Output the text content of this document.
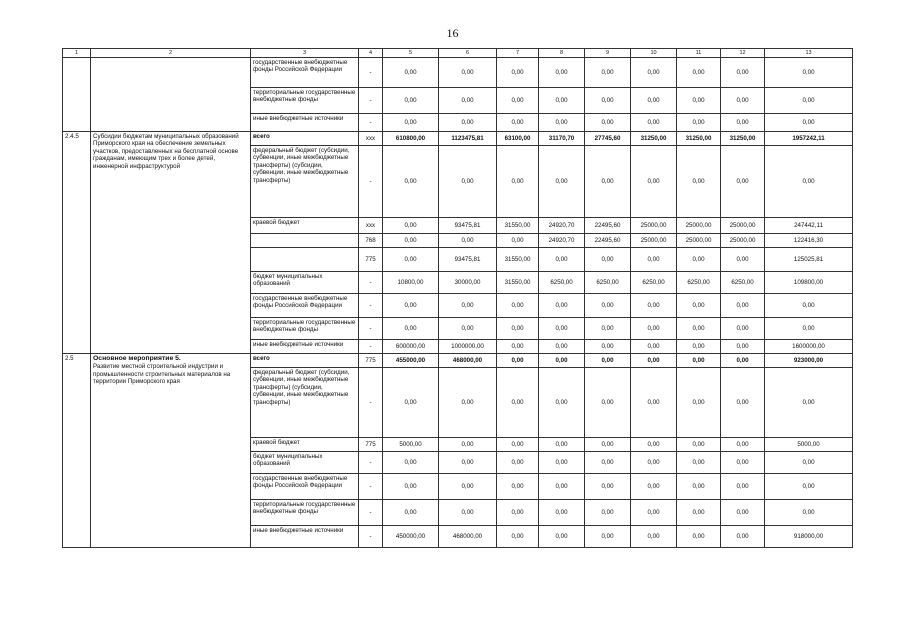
16
1	2	3	4	5	6	7	8	9	10	11	12	13
		государственные внебюджетные фонды Российской Федерации	-	0,00	0,00	0,00	0,00	0,00	0,00	0,00	0,00	0,00
		территориальные государственные внебюджетные фонды	-	0,00	0,00	0,00	0,00	0,00	0,00	0,00	0,00	0,00
		иные внебюджетные источники	-	0,00	0,00	0,00	0,00	0,00	0,00	0,00	0,00	0,00
2.4.5	Субсидии бюджетам муниципальных образований Приморского края на обеспечение земельных участков, предоставленных на бесплатной основе гражданам, имеющим трех и более детей, инженерной инфраструктурой	всего	xxx	610800,00	1123475,81	63100,00	31170,70	27745,60	31250,00	31250,00	31250,00	1957242,11
		федеральный бюджет (субсидии, субвенции, иные межбюджетные трансферты) (субсидии, субвенции, иные межбюджетные трансферты)	-	0,00	0,00	0,00	0,00	0,00	0,00	0,00	0,00	0,00
		краевой бюджет	xxx	0,00	93475,81	31550,00	24920,70	22495,60	25000,00	25000,00	25000,00	247442,11
			768	0,00	0,00	0,00	24920,70	22495,60	25000,00	25000,00	25000,00	122416,30
			775	0,00	93475,81	31550,00	0,00	0,00	0,00	0,00	0,00	125025,81
		бюджет муниципальных образований	-	10800,00	30000,00	31550,00	6250,00	6250,00	6250,00	6250,00	6250,00	109800,00
		государственные внебюджетные фонды Российской Федерации	-	0,00	0,00	0,00	0,00	0,00	0,00	0,00	0,00	0,00
		территориальные государственные внебюджетные фонды	-	0,00	0,00	0,00	0,00	0,00	0,00	0,00	0,00	0,00
		иные внебюджетные источники	-	600000,00	1000000,00	0,00	0,00	0,00	0,00	0,00	0,00	1600000,00
2.5	Основное мероприятие 5.
Развитие местной строительной индустрии и промышленности строительных материалов на территории Приморского края	всего	775	455000,00	468000,00	0,00	0,00	0,00	0,00	0,00	0,00	923000,00
		федеральный бюджет (субсидии, субвенции, иные межбюджетные трансферты) (субсидии, субвенции, иные межбюджетные трансферты)	-	0,00	0,00	0,00	0,00	0,00	0,00	0,00	0,00	0,00
		краевой бюджет	775	5000,00	0,00	0,00	0,00	0,00	0,00	0,00	0,00	5000,00
		бюджет муниципальных образований	-	0,00	0,00	0,00	0,00	0,00	0,00	0,00	0,00	0,00
		государственные внебюджетные фонды Российской Федерации	-	0,00	0,00	0,00	0,00	0,00	0,00	0,00	0,00	0,00
		территориальные государственные внебюджетные фонды	-	0,00	0,00	0,00	0,00	0,00	0,00	0,00	0,00	0,00
		иные внебюджетные источники	-	450000,00	468000,00	0,00	0,00	0,00	0,00	0,00	0,00	918000,00
